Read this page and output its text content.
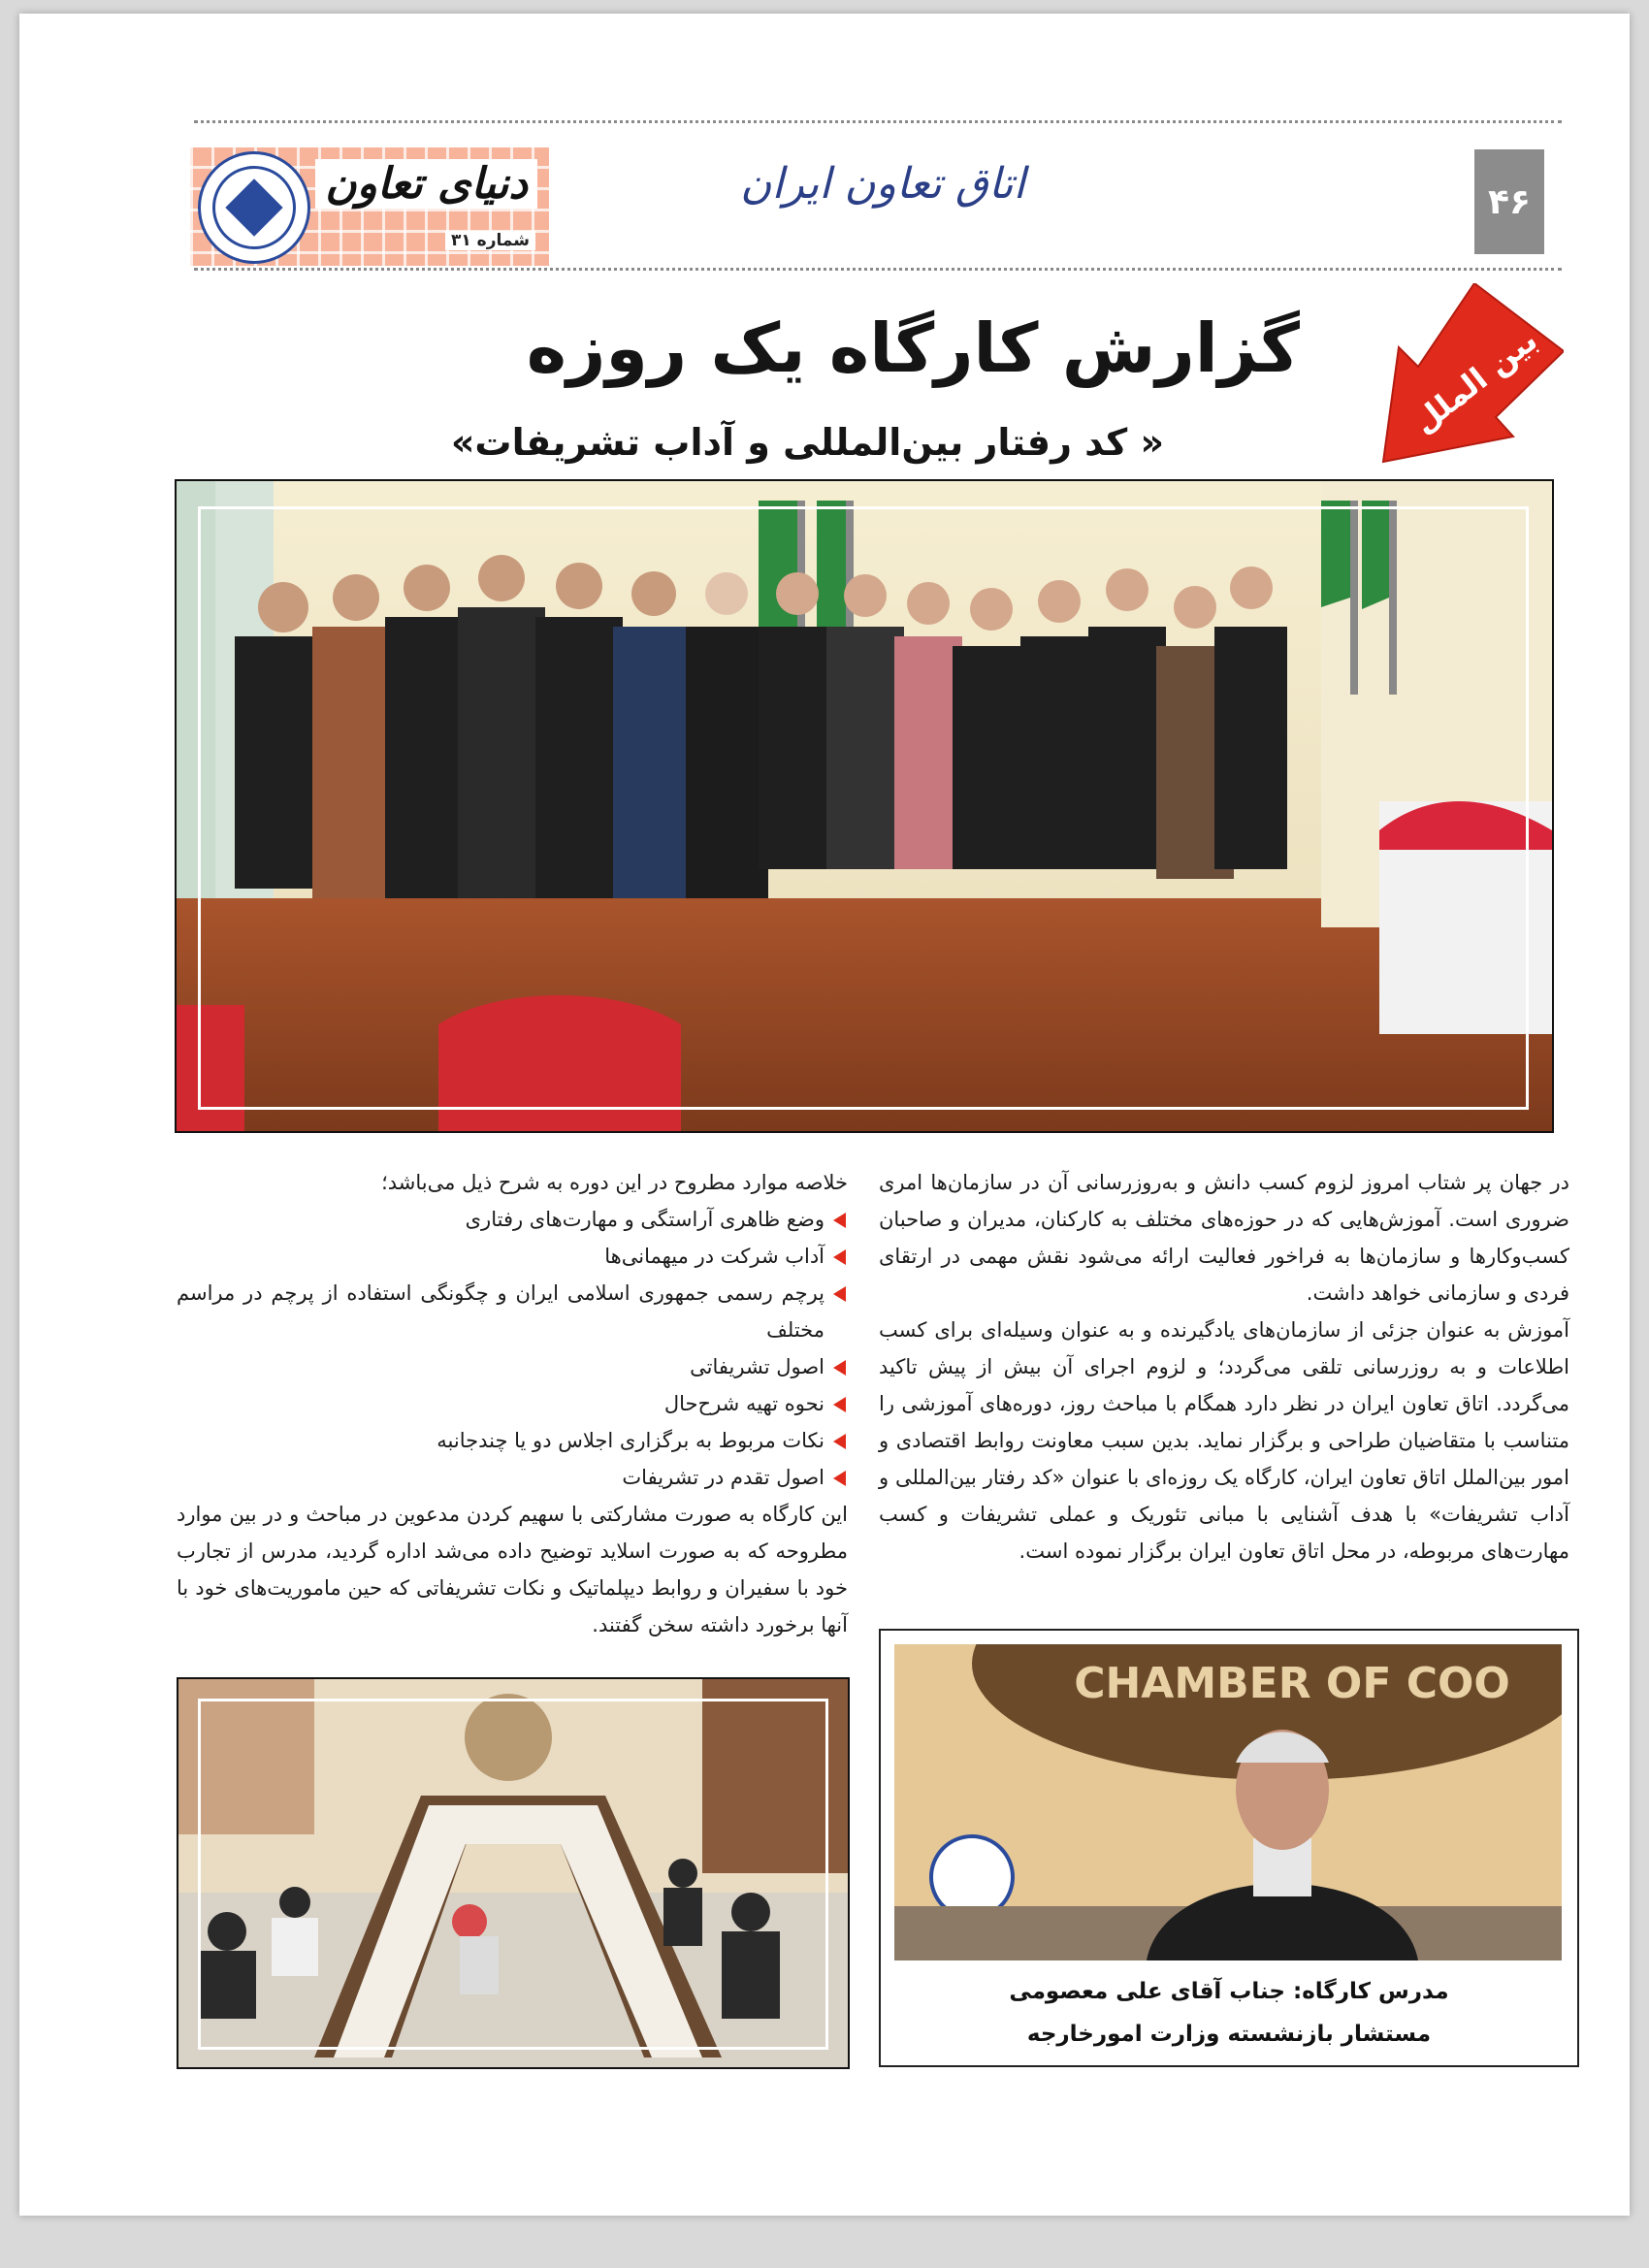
۴۶
اتاق تعاون ایران
دنیای تعاون
شماره ۳۱
بین الملل
گزارش کارگاه یک روزه
« کد رفتار بین‌المللی و آداب تشریفات»

در جهان پر شتاب امروز لزوم کسب دانش و به‌روزرسانی آن در سازمان‌ها امری ضروری است. آموزش‌هایی که در حوزه‌های مختلف به کارکنان، مدیران و صاحبان کسب‌وکارها و سازمان‌ها به فراخور فعالیت ارائه می‌شود نقش مهمی در ارتقای فردی و سازمانی خواهد داشت.

آموزش به عنوان جزئی از سازمان‌های یادگیرنده و به عنوان وسیله‌ای برای کسب اطلاعات و به روزرسانی تلقی می‌گردد؛ و لزوم اجرای آن بیش از پیش تاکید می‌گردد. اتاق تعاون ایران در نظر دارد همگام با مباحث روز، دوره‌های آموزشی را متناسب با متقاضیان طراحی و برگزار نماید. بدین سبب معاونت روابط اقتصادی و امور بین‌الملل اتاق تعاون ایران، کارگاه یک روزه‌ای با عنوان «کد رفتار بین‌المللی و آداب تشریفات» با هدف آشنایی با مبانی تئوریک و عملی تشریفات و کسب مهارت‌های مربوطه، در محل اتاق تعاون ایران برگزار نموده است.

خلاصه موارد مطروح در این دوره به شرح ذیل می‌باشد؛

وضع ظاهری آراستگی و مهارت‌های رفتاری
آداب شرکت در میهمانی‌ها
پرچم رسمی جمهوری اسلامی ایران و چگونگی استفاده از پرچم در مراسم مختلف
اصول تشریفاتی
نحوه تهیه شرح‌حال
نکات مربوط به برگزاری اجلاس دو یا چندجانبه
اصول تقدم در تشریفات

این کارگاه به صورت مشارکتی با سهیم کردن مدعوین در مباحث و در بین موارد مطروحه که به صورت اسلاید توضیح داده می‌شد اداره گردید، مدرس از تجارب خود با سفیران و روابط دیپلماتیک و نکات تشریفاتی که حین ماموریت‌های خود با آنها برخورد داشته سخن گفتند.

CHAMBER OF COO
مدرس کارگاه: جناب آقای علی معصومی
مستشار بازنشسته وزارت امورخارجه
